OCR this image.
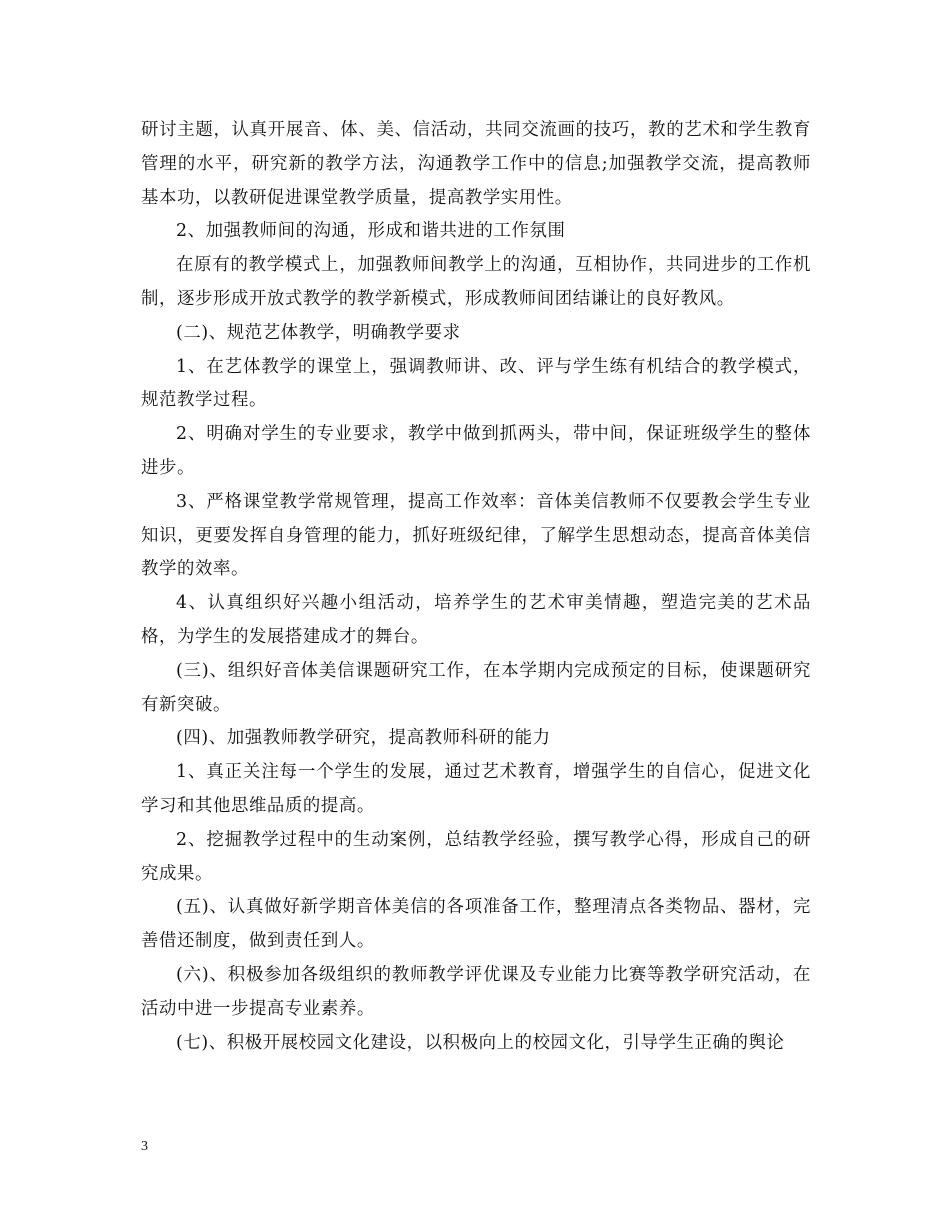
研讨主题，认真开展音、体、美、信活动，共同交流画的技巧，教的艺术和学生教育管理的水平，研究新的教学方法，沟通教学工作中的信息;加强教学交流，提高教师基本功，以教研促进课堂教学质量，提高教学实用性。

2、加强教师间的沟通，形成和谐共进的工作氛围

在原有的教学模式上，加强教师间教学上的沟通，互相协作，共同进步的工作机制，逐步形成开放式教学的教学新模式，形成教师间团结谦让的良好教风。

(二)、规范艺体教学，明确教学要求

1、在艺体教学的课堂上，强调教师讲、改、评与学生练有机结合的教学模式，规范教学过程。

2、明确对学生的专业要求，教学中做到抓两头，带中间，保证班级学生的整体进步。

3、严格课堂教学常规管理，提高工作效率：音体美信教师不仅要教会学生专业知识，更要发挥自身管理的能力，抓好班级纪律，了解学生思想动态，提高音体美信教学的效率。

4、认真组织好兴趣小组活动，培养学生的艺术审美情趣，塑造完美的艺术品格，为学生的发展搭建成才的舞台。

(三)、组织好音体美信课题研究工作，在本学期内完成预定的目标，使课题研究有新突破。

(四)、加强教师教学研究，提高教师科研的能力

1、真正关注每一个学生的发展，通过艺术教育，增强学生的自信心，促进文化学习和其他思维品质的提高。

2、挖掘教学过程中的生动案例，总结教学经验，撰写教学心得，形成自己的研究成果。

(五)、认真做好新学期音体美信的各项准备工作，整理清点各类物品、器材，完善借还制度，做到责任到人。

(六)、积极参加各级组织的教师教学评优课及专业能力比赛等教学研究活动，在活动中进一步提高专业素养。

(七)、积极开展校园文化建设，以积极向上的校园文化，引导学生正确的舆论

3
